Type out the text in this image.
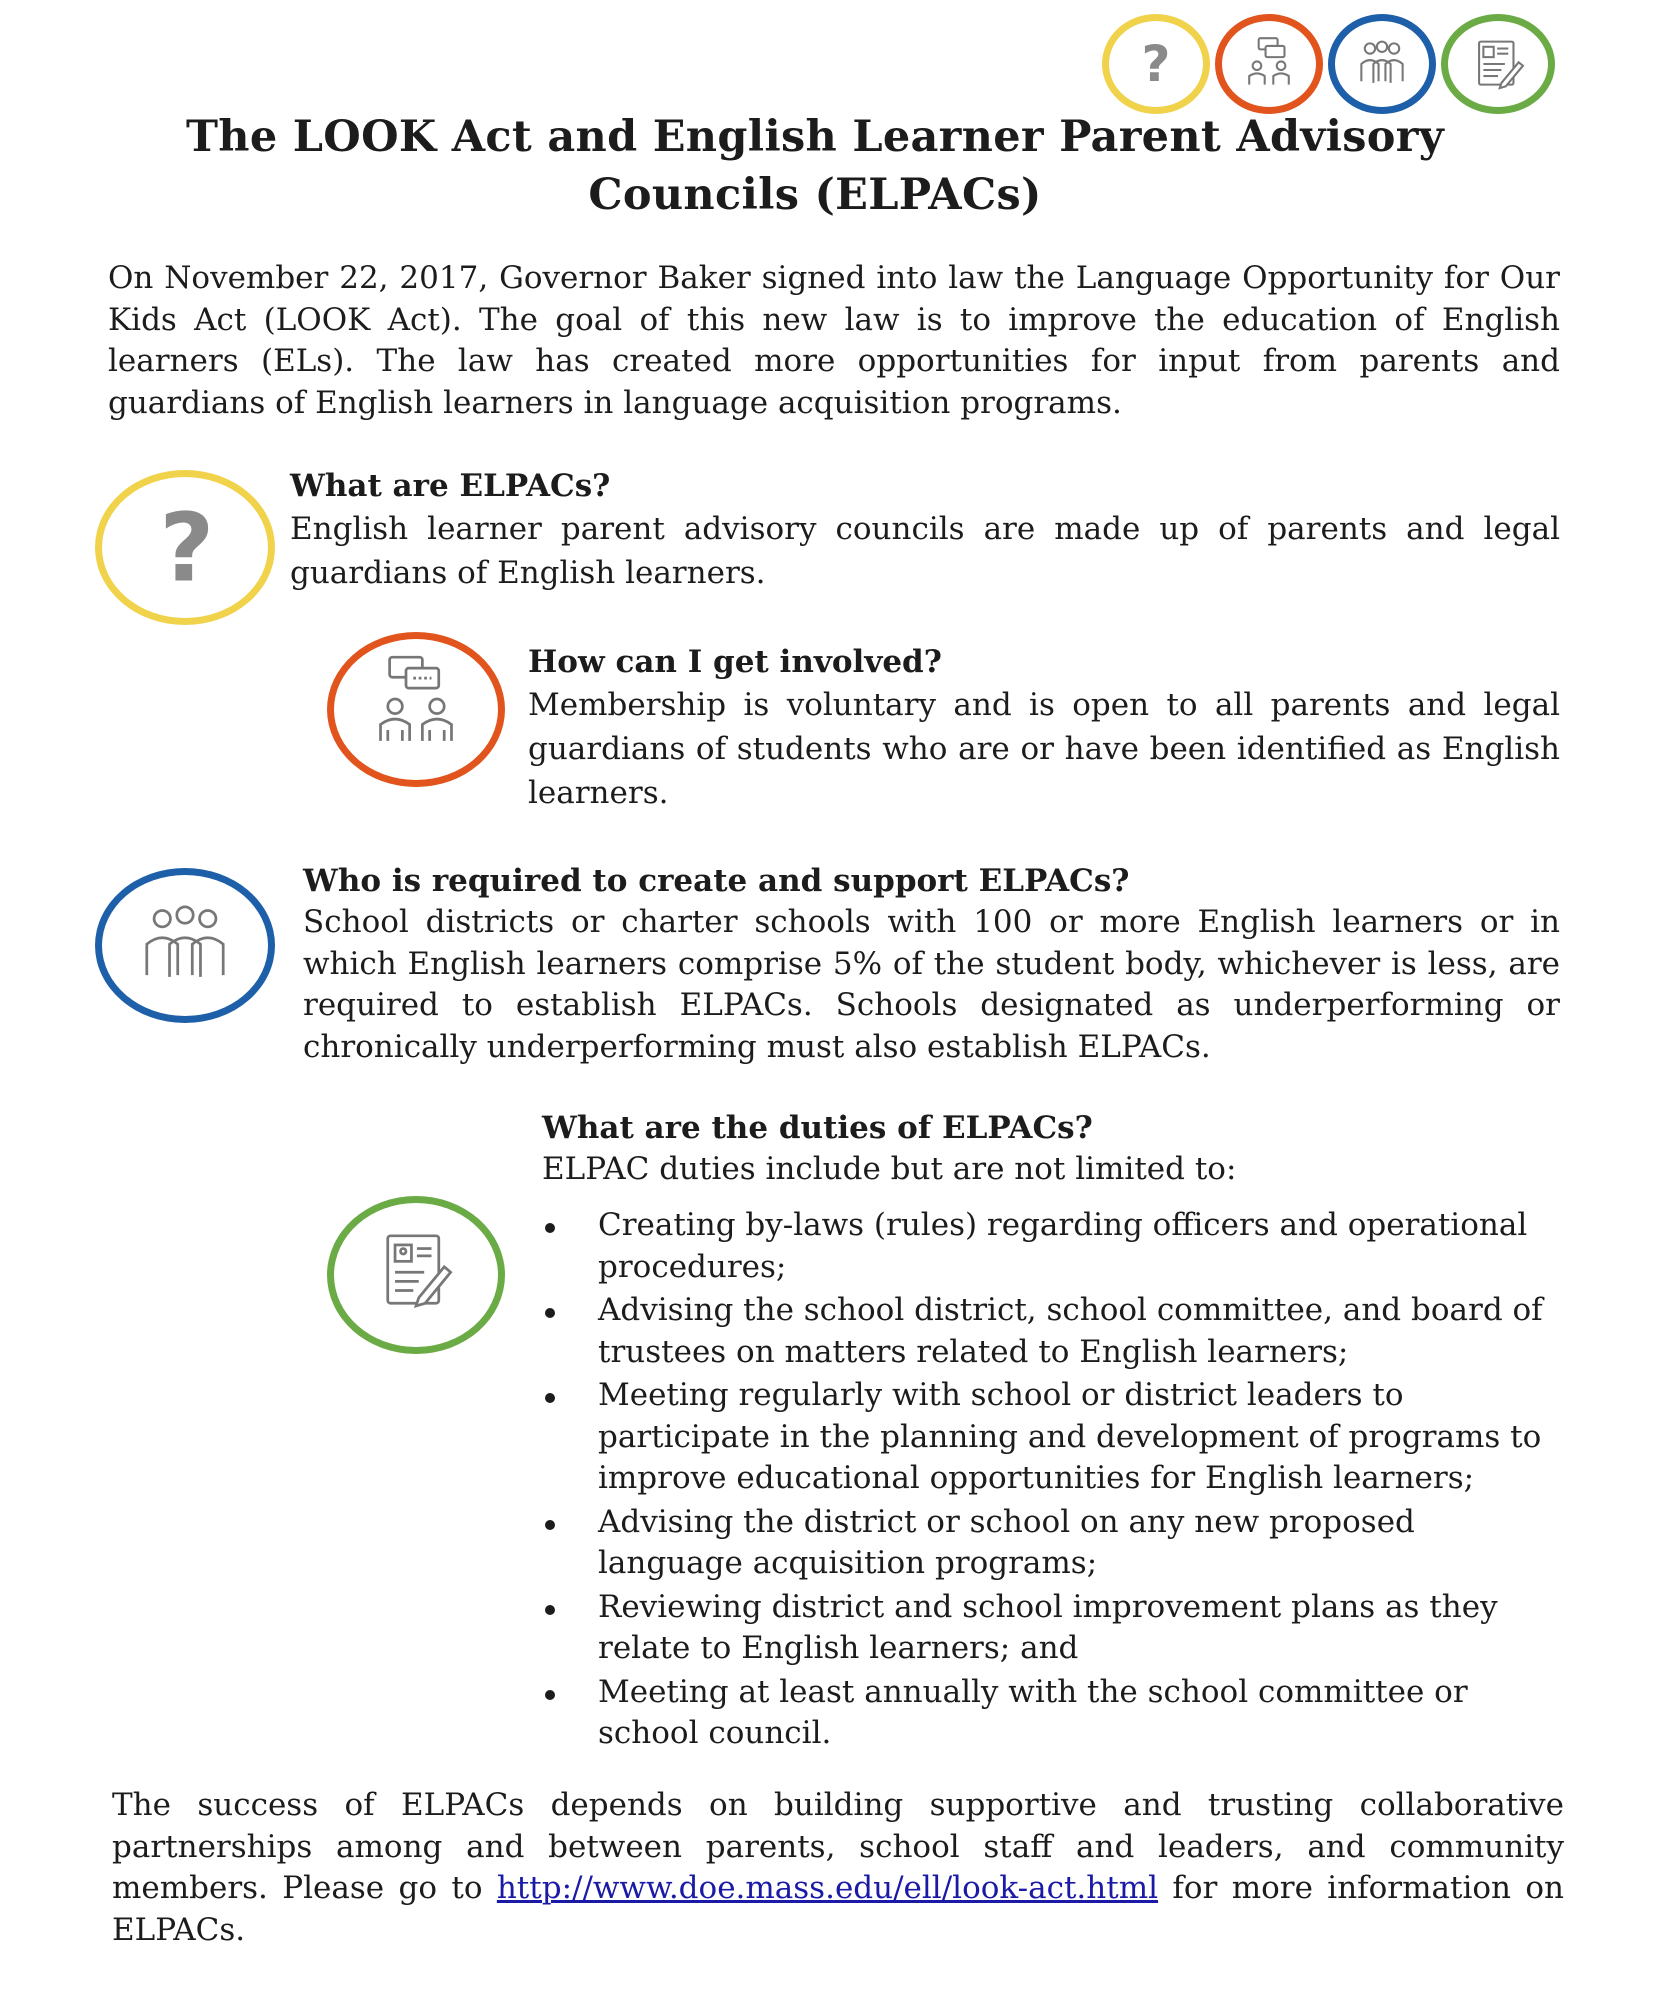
?
The LOOK Act and English Learner Parent Advisory
Councils (ELPACs)

On November 22, 2017, Governor Baker signed into law the Language Opportunity for Our Kids Act (LOOK Act). The goal of this new law is to improve the education of English learners (ELs). The law has created more opportunities for input from parents and guardians of English learners in language acquisition programs.

?
What are ELPACs?

English learner parent advisory councils are made up of parents and legal guardians of English learners.

How can I get involved?

Membership is voluntary and is open to all parents and legal guardians of students who are or have been identified as English learners.

Who is required to create and support ELPACs?

School districts or charter schools with 100 or more English learners or in which English learners comprise 5% of the student body, whichever is less, are required to establish ELPACs. Schools designated as underperforming or chronically underperforming must also establish ELPACs.

What are the duties of ELPACs?

ELPAC duties include but are not limited to:

Creating by-laws (rules) regarding officers and operational procedures;
Advising the school district, school committee, and board of trustees on matters related to English learners;
Meeting regularly with school or district leaders to participate in the planning and development of programs to improve educational opportunities for English learners;
Advising the district or school on any new proposed language acquisition programs;
Reviewing district and school improvement plans as they relate to English learners; and
Meeting at least annually with the school committee or school council.

The success of ELPACs depends on building supportive and trusting collaborative partnerships among and between parents, school staff and leaders, and community members. Please go to http://www.doe.mass.edu/ell/look-act.html for more information on ELPACs.
